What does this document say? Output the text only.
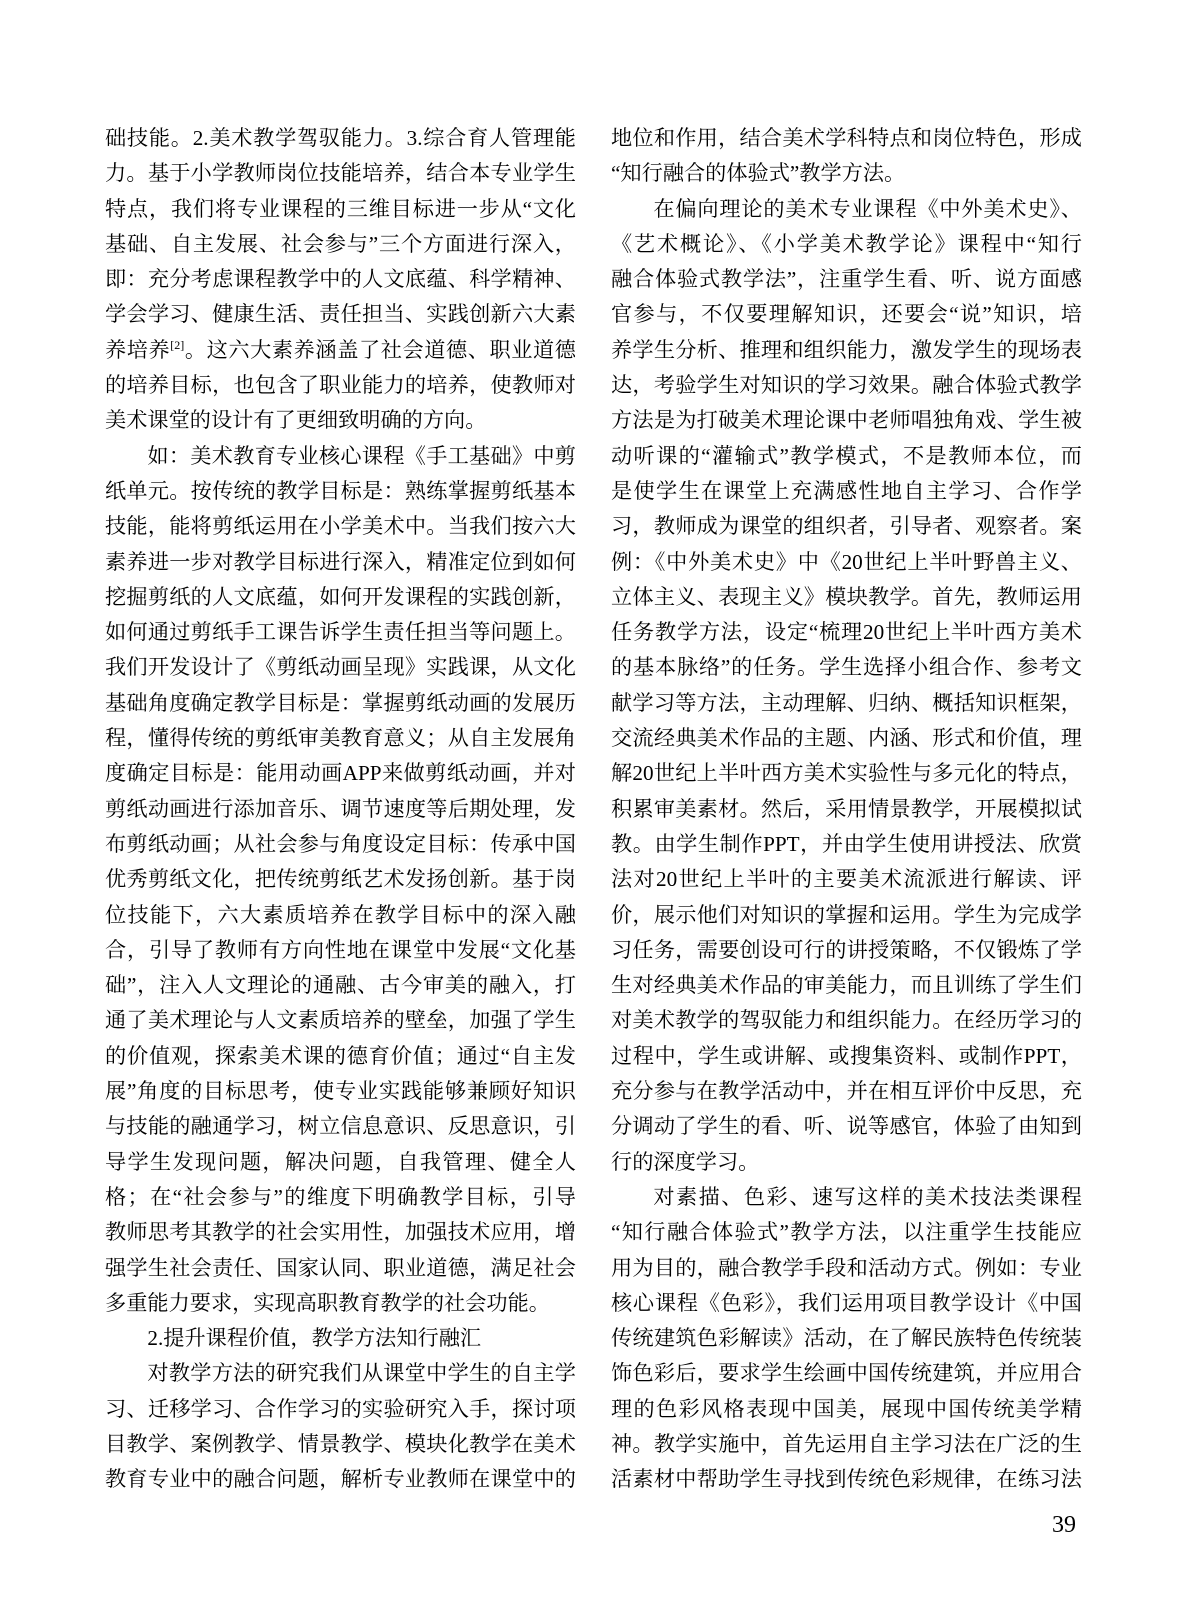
础技能。2.美术教学驾驭能力。3.综合育人管理能
力。基于小学教师岗位技能培养，结合本专业学生
特点，我们将专业课程的三维目标进一步从“文化
基础、自主发展、社会参与”三个方面进行深入，
即：充分考虑课程教学中的人文底蕴、科学精神、
学会学习、健康生活、责任担当、实践创新六大素
养培养[2]。这六大素养涵盖了社会道德、职业道德
的培养目标，也包含了职业能力的培养，使教师对
美术课堂的设计有了更细致明确的方向。
如：美术教育专业核心课程《手工基础》中剪
纸单元。按传统的教学目标是：熟练掌握剪纸基本
技能，能将剪纸运用在小学美术中。当我们按六大
素养进一步对教学目标进行深入，精准定位到如何
挖掘剪纸的人文底蕴，如何开发课程的实践创新，
如何通过剪纸手工课告诉学生责任担当等问题上。
我们开发设计了《剪纸动画呈现》实践课，从文化
基础角度确定教学目标是：掌握剪纸动画的发展历
程，懂得传统的剪纸审美教育意义；从自主发展角
度确定目标是：能用动画APP来做剪纸动画，并对
剪纸动画进行添加音乐、调节速度等后期处理，发
布剪纸动画；从社会参与角度设定目标：传承中国
优秀剪纸文化，把传统剪纸艺术发扬创新。基于岗
位技能下，六大素质培养在教学目标中的深入融
合，引导了教师有方向性地在课堂中发展“文化基
础”，注入人文理论的通融、古今审美的融入，打
通了美术理论与人文素质培养的壁垒，加强了学生
的价值观，探索美术课的德育价值；通过“自主发
展”角度的目标思考，使专业实践能够兼顾好知识
与技能的融通学习，树立信息意识、反思意识，引
导学生发现问题，解决问题，自我管理、健全人
格；在“社会参与”的维度下明确教学目标，引导
教师思考其教学的社会实用性，加强技术应用，增
强学生社会责任、国家认同、职业道德，满足社会
多重能力要求，实现高职教育教学的社会功能。
2.提升课程价值，教学方法知行融汇
对教学方法的研究我们从课堂中学生的自主学
习、迁移学习、合作学习的实验研究入手，探讨项
目教学、案例教学、情景教学、模块化教学在美术
教育专业中的融合问题，解析专业教师在课堂中的
地位和作用，结合美术学科特点和岗位特色，形成
“知行融合的体验式”教学方法。
在偏向理论的美术专业课程《中外美术史》、
《艺术概论》、《小学美术教学论》课程中“知行
融合体验式教学法”，注重学生看、听、说方面感
官参与，不仅要理解知识，还要会“说”知识，培
养学生分析、推理和组织能力，激发学生的现场表
达，考验学生对知识的学习效果。融合体验式教学
方法是为打破美术理论课中老师唱独角戏、学生被
动听课的“灌输式”教学模式，不是教师本位，而
是使学生在课堂上充满感性地自主学习、合作学
习，教师成为课堂的组织者，引导者、观察者。案
例：《中外美术史》中《20世纪上半叶野兽主义、
立体主义、表现主义》模块教学。首先，教师运用
任务教学方法，设定“梳理20世纪上半叶西方美术
的基本脉络”的任务。学生选择小组合作、参考文
献学习等方法，主动理解、归纳、概括知识框架，
交流经典美术作品的主题、内涵、形式和价值，理
解20世纪上半叶西方美术实验性与多元化的特点，
积累审美素材。然后，采用情景教学，开展模拟试
教。由学生制作PPT，并由学生使用讲授法、欣赏
法对20世纪上半叶的主要美术流派进行解读、评
价，展示他们对知识的掌握和运用。学生为完成学
习任务，需要创设可行的讲授策略，不仅锻炼了学
生对经典美术作品的审美能力，而且训练了学生们
对美术教学的驾驭能力和组织能力。在经历学习的
过程中，学生或讲解、或搜集资料、或制作PPT，
充分参与在教学活动中，并在相互评价中反思，充
分调动了学生的看、听、说等感官，体验了由知到
行的深度学习。
对素描、色彩、速写这样的美术技法类课程
“知行融合体验式”教学方法，以注重学生技能应
用为目的，融合教学手段和活动方式。例如：专业
核心课程《色彩》，我们运用项目教学设计《中国
传统建筑色彩解读》活动，在了解民族特色传统装
饰色彩后，要求学生绘画中国传统建筑，并应用合
理的色彩风格表现中国美，展现中国传统美学精
神。教学实施中，首先运用自主学习法在广泛的生
活素材中帮助学生寻找到传统色彩规律，在练习法
39
